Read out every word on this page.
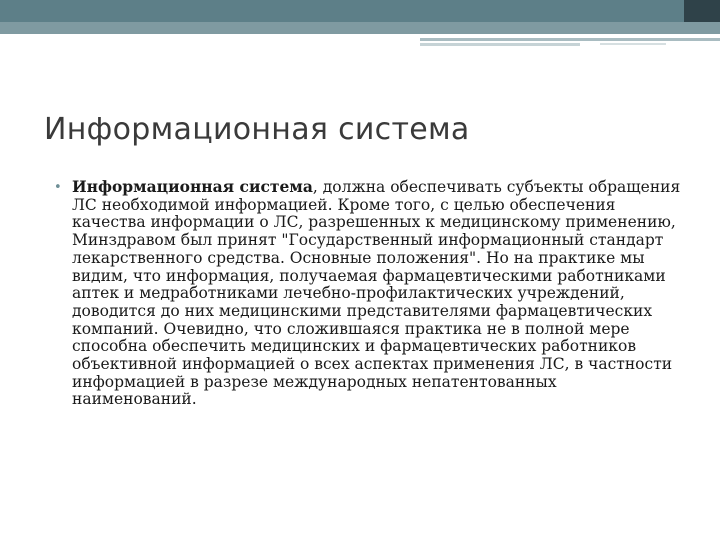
Информационная система
• Информационная система, должна обеспечивать субъекты обращения ЛС необходимой информацией. Кроме того, с целью обеспечения качества информации о ЛС, разрешенных к медицинскому применению, Минздравом был принят "Государственный информационный стандарт лекарственного средства. Основные положения". Но на практике мы видим, что информация, получаемая фармацевтическими работниками аптек и медработниками лечебно-профилактических учреждений, доводится до них медицинскими представителями фармацевтических компаний. Очевидно, что сложившаяся практика не в полной мере способна обеспечить медицинских и фармацевтических работников объективной информацией о всех аспектах применения ЛС, в частности информацией в разрезе международных непатентованных наименований.
